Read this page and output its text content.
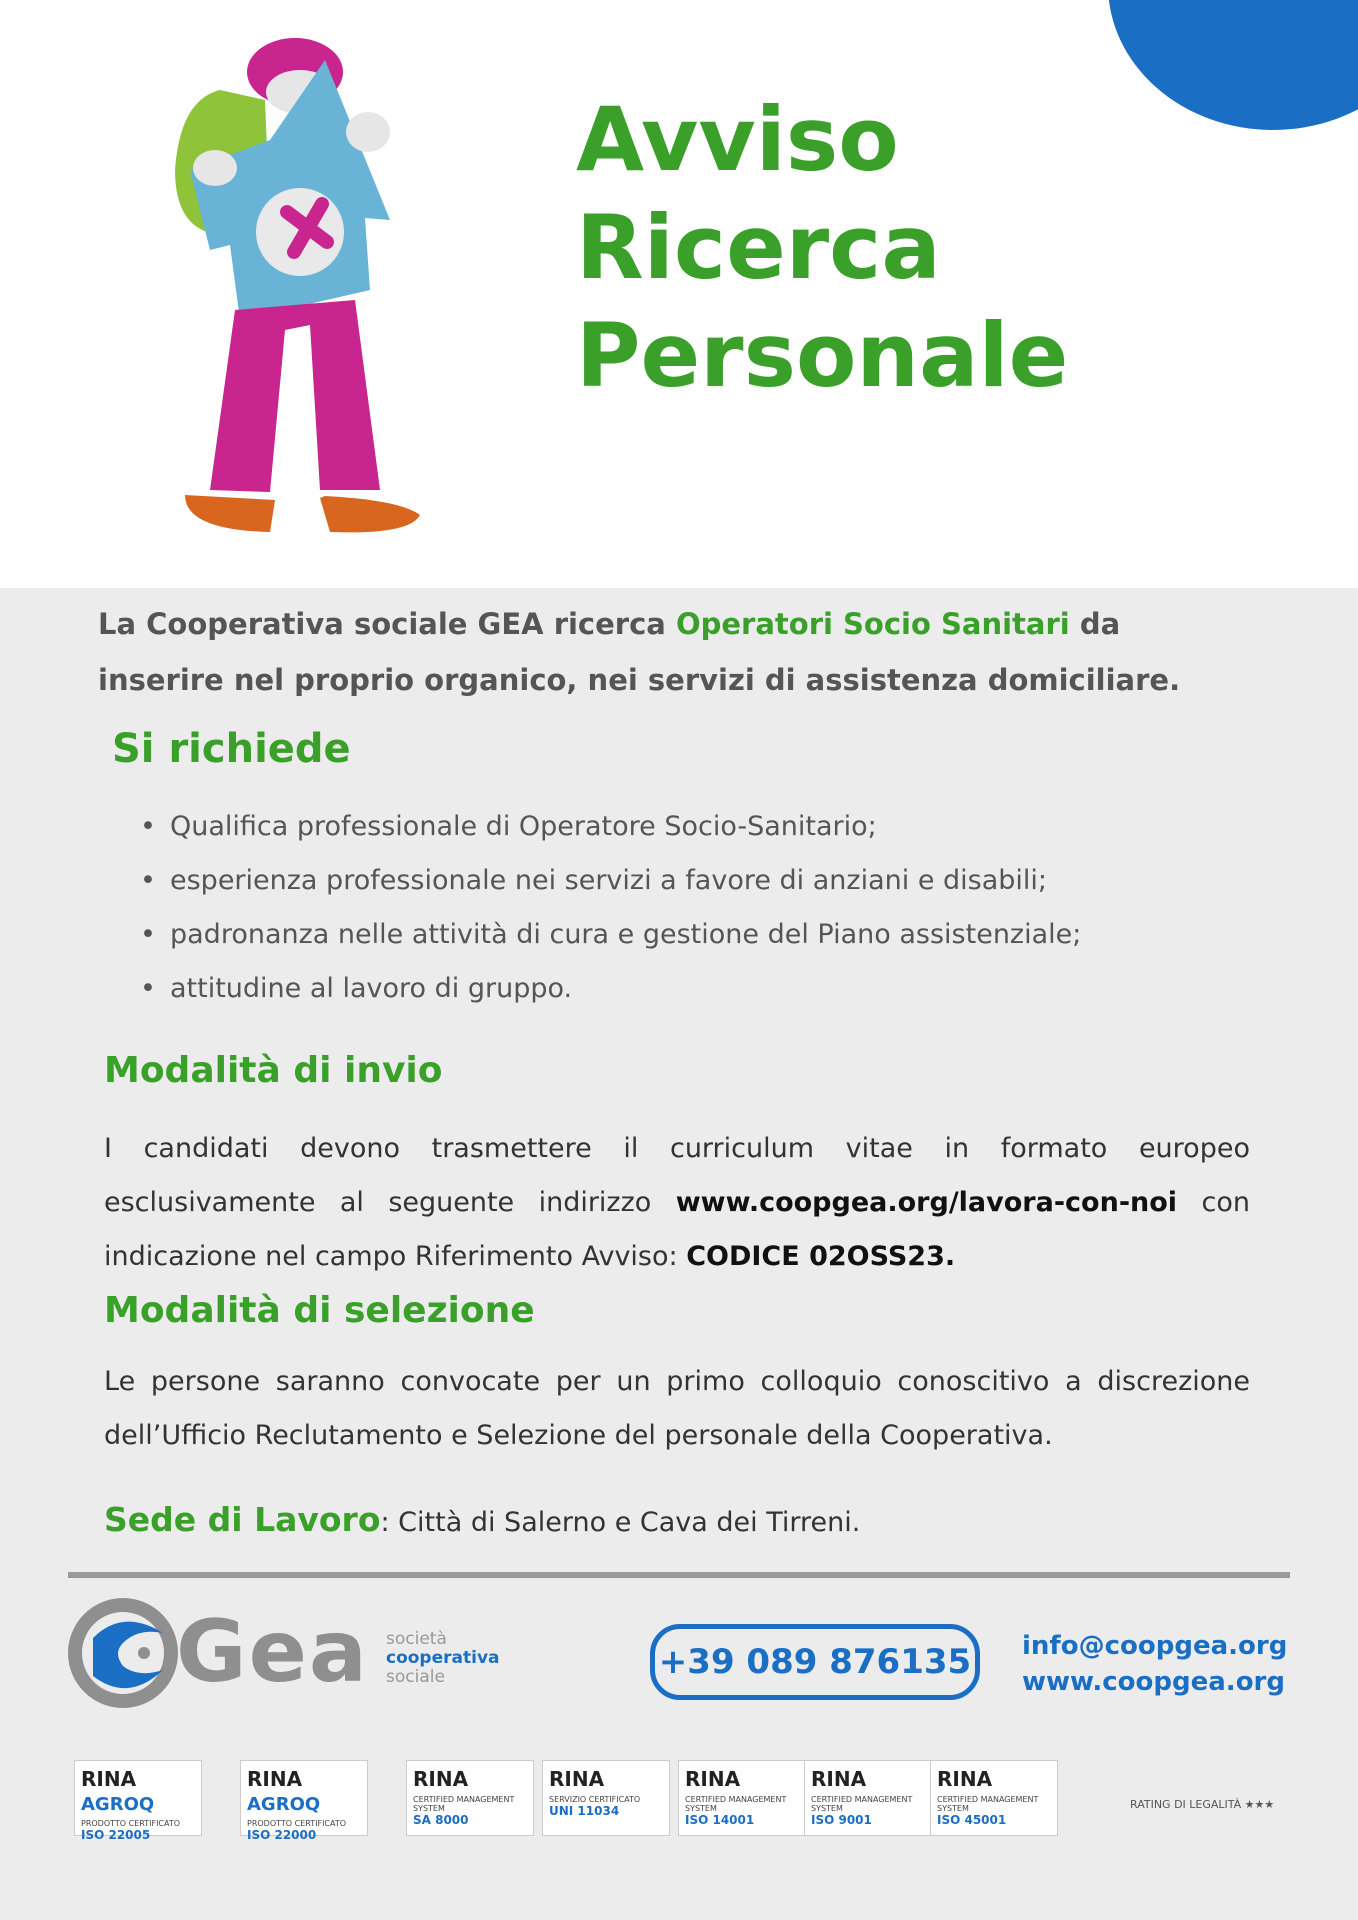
Avviso
Ricerca
Personale
La Cooperativa sociale GEA ricerca Operatori Socio Sanitari da inserire nel proprio organico, nei servizi di assistenza domiciliare.
Si richiede
• Qualifica professionale di Operatore Socio-Sanitario;
• esperienza professionale nei servizi a favore di anziani e disabili;
• padronanza nelle attività di cura e gestione del Piano assistenziale;
• attitudine al lavoro di gruppo.
Modalità di invio
I candidati devono trasmettere il curriculum vitae in formato europeo
esclusivamente al seguente indirizzo www.coopgea.org/lavora-con-noi con
indicazione nel campo Riferimento Avviso: CODICE 02OSS23.
Modalità di selezione
Le persone saranno convocate per un primo colloquio conoscitivo a discrezione dell’Ufficio Reclutamento e Selezione del personale della Cooperativa.
Sede di Lavoro: Città di Salerno e Cava dei Tirreni.
Gea società
cooperativa
sociale	+39 089 876135	info@coopgea.org
www.coopgea.org
RINA AGROQ
PRODOTTO CERTIFICATO
ISO 22005
RINA AGROQ
PRODOTTO CERTIFICATO
ISO 22000
RINA
CERTIFIED MANAGEMENT SYSTEM
SA 8000
RINA
SERVIZIO CERTIFICATO
UNI 11034
RINA
CERTIFIED MANAGEMENT SYSTEM
ISO 14001
RINA
CERTIFIED MANAGEMENT SYSTEM
ISO 9001
RINA
CERTIFIED MANAGEMENT SYSTEM
ISO 45001
RATING DI LEGALITÀ ★★★
